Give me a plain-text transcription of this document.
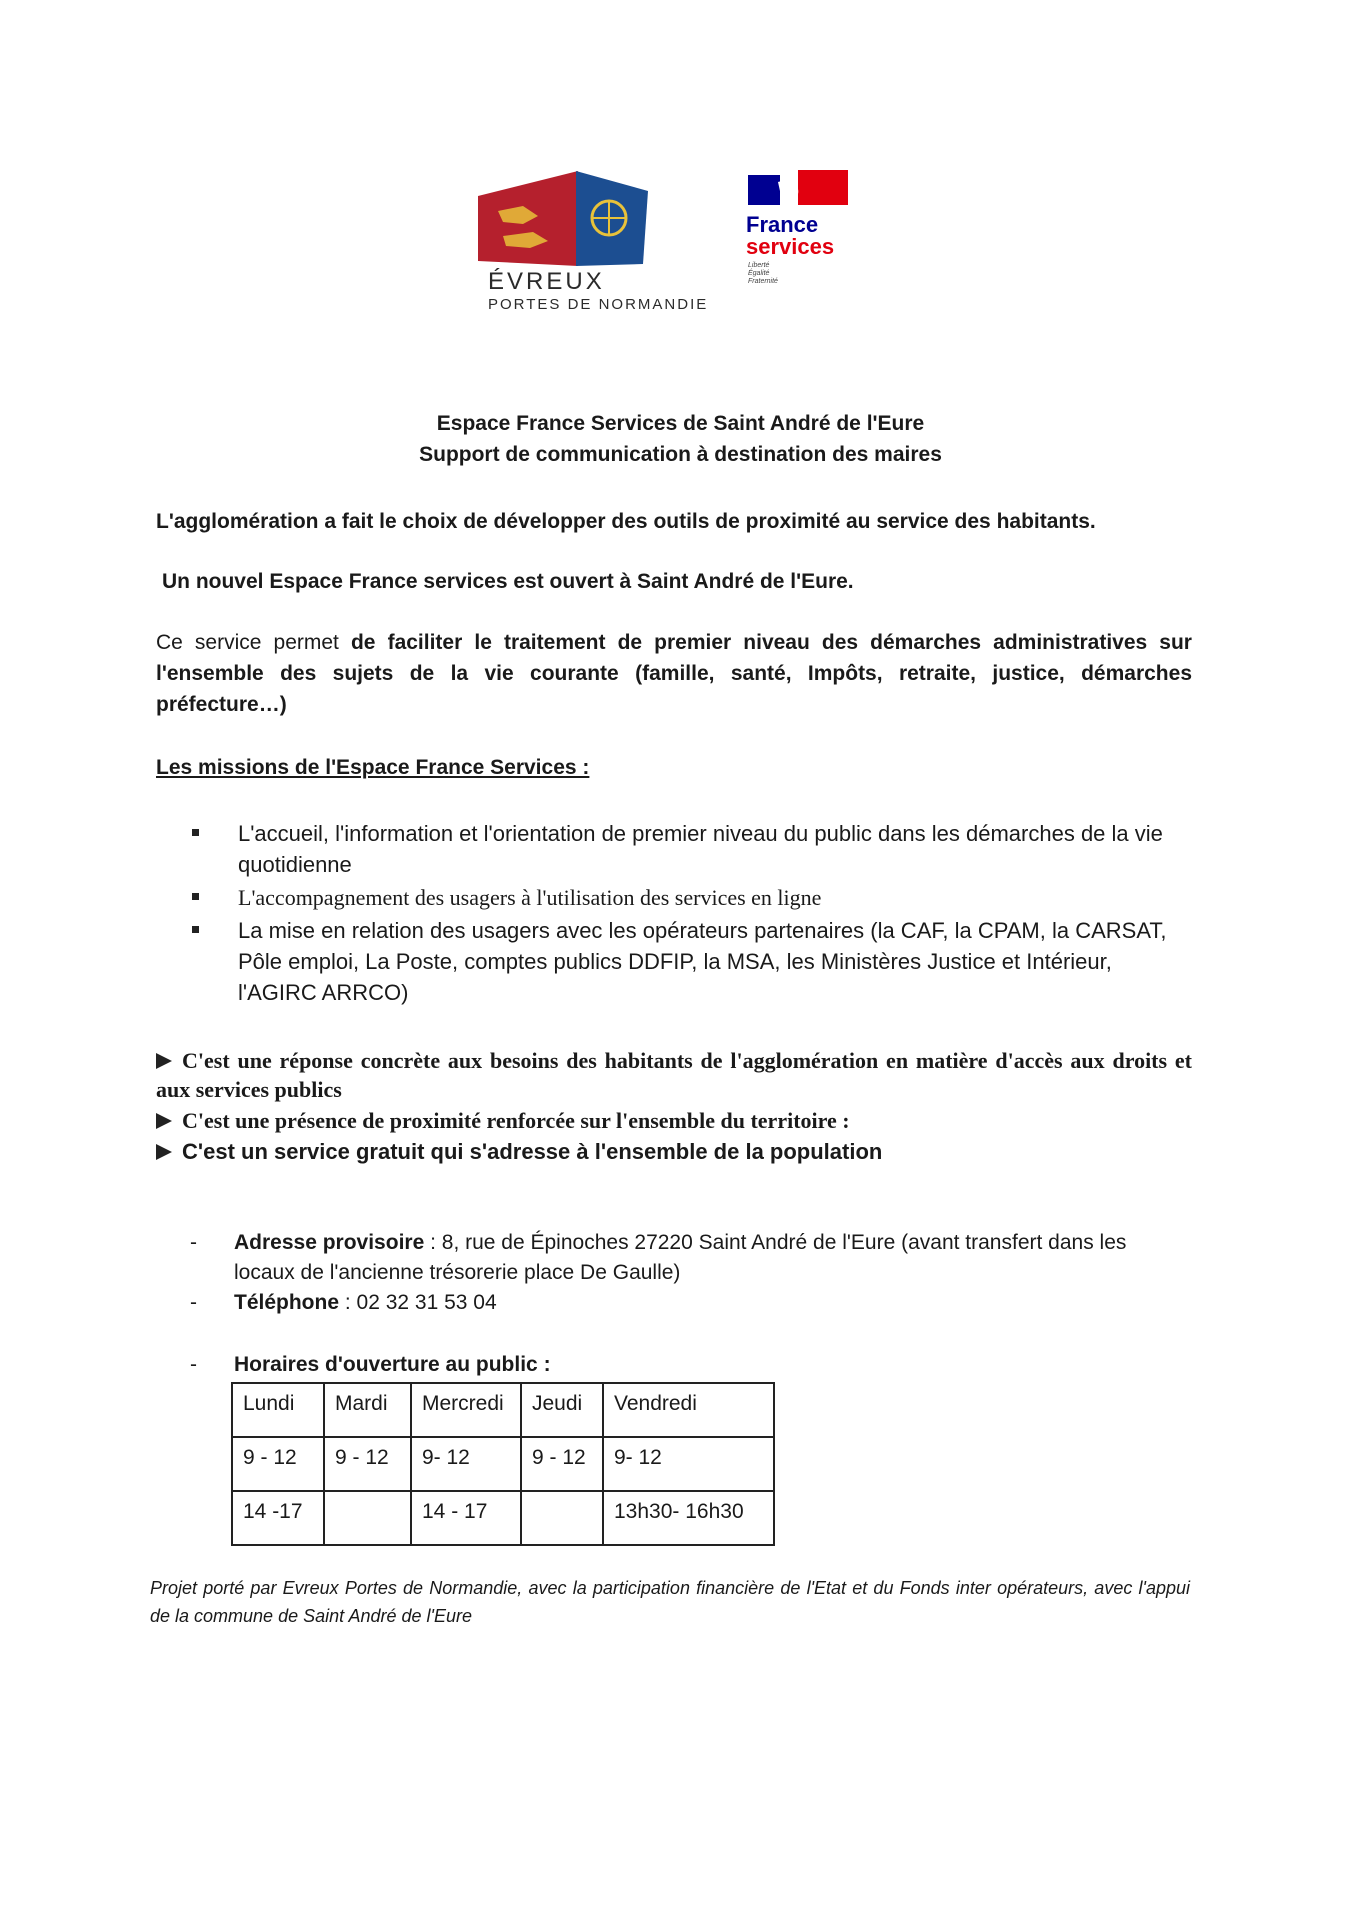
ÉVREUX
PORTES DE NORMANDIE
France
services
Liberté
Égalité
Fraternité
Espace France Services de Saint André de l'Eure
Support de communication à destination des maires
L'agglomération a fait le choix de développer des outils de proximité au service des habitants.
Un nouvel Espace France services est ouvert à Saint André de l'Eure.
Ce service permet de faciliter le traitement de premier niveau des démarches administratives sur l'ensemble des sujets de la vie courante (famille, santé, Impôts, retraite, justice, démarches préfecture…)
Les missions de l'Espace France Services :
L'accueil, l'information et l'orientation de premier niveau du public dans les démarches de la vie quotidienne
L'accompagnement des usagers à l'utilisation des services en ligne
La mise en relation des usagers avec les opérateurs partenaires (la CAF, la CPAM, la CARSAT, Pôle emploi, La Poste, comptes publics DDFIP, la MSA, les Ministères Justice et Intérieur, l'AGIRC ARRCO)
C'est une réponse concrète aux besoins des habitants de l'agglomération en matière d'accès aux droits et aux services publics
C'est une présence de proximité renforcée sur l'ensemble du territoire :
C'est un service gratuit qui s'adresse à l'ensemble de la population
- Adresse provisoire : 8, rue de Épinoches 27220 Saint André de l'Eure (avant transfert dans les locaux de l'ancienne trésorerie place De Gaulle)
- Téléphone : 02 32 31 53 04
- Horaires d'ouverture au public :
Lundi	Mardi	Mercredi	Jeudi	Vendredi
9 - 12	9 - 12	9- 12	9 - 12	9- 12
14 -17		14 - 17		13h30- 16h30
Projet porté par Evreux Portes de Normandie, avec la participation financière de l'Etat et du Fonds inter opérateurs, avec l'appui de la commune de Saint André de l'Eure
